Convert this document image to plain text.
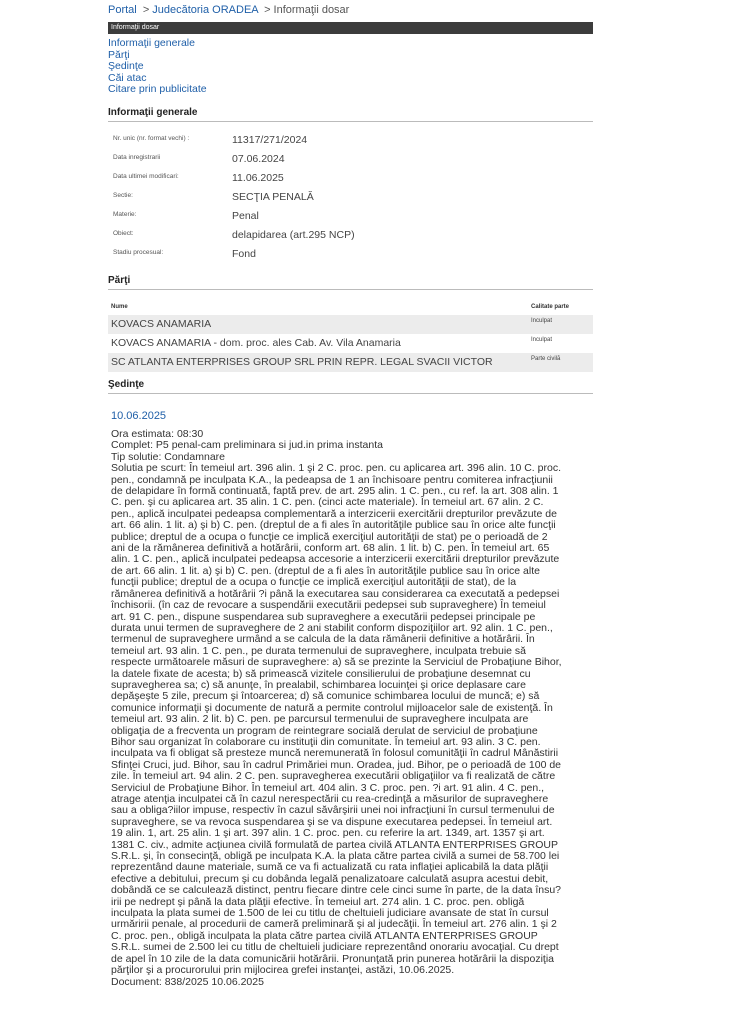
Portal > Judecătoria ORADEA > Informaţii dosar
Informaţii dosar
Informaţii generale
Părţi
Şedinţe
Căi atac
Citare prin publicitate
Informaţii generale
Nr. unic (nr. format vechi) :	11317/271/2024
Data inregistrarii	07.06.2024
Data ultimei modificari:	11.06.2025
Sectie:	SECŢIA PENALĂ
Materie:	Penal
Obiect:	delapidarea (art.295 NCP)
Stadiu procesual:	Fond
Părţi
Nume	Calitate parte
KOVACS ANAMARIA	Inculpat
KOVACS ANAMARIA - dom. proc. ales Cab. Av. Vila Anamaria	Inculpat
SC ATLANTA ENTERPRISES GROUP SRL PRIN REPR. LEGAL SVACII VICTOR	Parte civilă
Şedinţe
10.06.2025
Ora estimata: 08:30
Complet: P5 penal-cam preliminara si jud.in prima instanta
Tip solutie: Condamnare
Solutia pe scurt: În temeiul art. 396 alin. 1 şi 2 C. proc. pen. cu aplicarea art. 396 alin. 10 C. proc.
pen., condamnă pe inculpata K.A., la pedeapsa de 1 an închisoare pentru comiterea infracţiunii
de delapidare în formă continuată, faptă prev. de art. 295 alin. 1 C. pen., cu ref. la art. 308 alin. 1
C. pen. şi cu aplicarea art. 35 alin. 1 C. pen. (cinci acte materiale). În temeiul art. 67 alin. 2 C.
pen., aplică inculpatei pedeapsa complementară a interzicerii exercitării drepturilor prevăzute de
art. 66 alin. 1 lit. a) şi b) C. pen. (dreptul de a fi ales în autorităţile publice sau în orice alte funcţii
publice; dreptul de a ocupa o funcţie ce implică exerciţiul autorităţii de stat) pe o perioadă de 2
ani de la rămânerea definitivă a hotărârii, conform art. 68 alin. 1 lit. b) C. pen. În temeiul art. 65
alin. 1 C. pen., aplică inculpatei pedeapsa accesorie a interzicerii exercitării drepturilor prevăzute
de art. 66 alin. 1 lit. a) şi b) C. pen. (dreptul de a fi ales în autorităţile publice sau în orice alte
funcţii publice; dreptul de a ocupa o funcţie ce implică exerciţiul autorităţii de stat), de la
rămânerea definitivă a hotărârii ?i până la executarea sau considerarea ca executată a pedepsei
închisorii. (în caz de revocare a suspendării executării pedepsei sub supraveghere) În temeiul
art. 91 C. pen., dispune suspendarea sub supraveghere a executării pedepsei principale pe
durata unui termen de supraveghere de 2 ani stabilit conform dispoziţiilor art. 92 alin. 1 C. pen.,
termenul de supraveghere urmând a se calcula de la data rămânerii definitive a hotărârii. În
temeiul art. 93 alin. 1 C. pen., pe durata termenului de supraveghere, inculpata trebuie să
respecte următoarele măsuri de supraveghere: a) să se prezinte la Serviciul de Probaţiune Bihor,
la datele fixate de acesta; b) să primească vizitele consilierului de probaţiune desemnat cu
supravegherea sa; c) să anunţe, în prealabil, schimbarea locuinţei şi orice deplasare care
depăşeşte 5 zile, precum şi întoarcerea; d) să comunice schimbarea locului de muncă; e) să
comunice informaţii şi documente de natură a permite controlul mijloacelor sale de existenţă. În
temeiul art. 93 alin. 2 lit. b) C. pen. pe parcursul termenului de supraveghere inculpata are
obligaţia de a frecventa un program de reintegrare socială derulat de serviciul de probaţiune
Bihor sau organizat în colaborare cu instituţii din comunitate. În temeiul art. 93 alin. 3 C. pen.
inculpata va fi obligat să presteze muncă neremunerată în folosul comunităţii în cadrul Mânăstirii
Sfinţei Cruci, jud. Bihor, sau în cadrul Primăriei mun. Oradea, jud. Bihor, pe o perioadă de 100 de
zile. În temeiul art. 94 alin. 2 C. pen. supravegherea executării obligaţiilor va fi realizată de către
Serviciul de Probaţiune Bihor. În temeiul art. 404 alin. 3 C. proc. pen. ?i art. 91 alin. 4 C. pen.,
atrage atenţia inculpatei că în cazul nerespectării cu rea-credinţă a măsurilor de supraveghere
sau a obliga?iilor impuse, respectiv în cazul săvârşirii unei noi infracţiuni în cursul termenului de
supraveghere, se va revoca suspendarea şi se va dispune executarea pedepsei. În temeiul art.
19 alin. 1, art. 25 alin. 1 şi art. 397 alin. 1 C. proc. pen. cu referire la art. 1349, art. 1357 şi art.
1381 C. civ., admite acţiunea civilă formulată de partea civilă ATLANTA ENTERPRISES GROUP
S.R.L. şi, în consecinţă, obligă pe inculpata K.A. la plata către partea civilă a sumei de 58.700 lei
reprezentând daune materiale, sumă ce va fi actualizată cu rata inflaţiei aplicabilă la data plăţii
efective a debitului, precum şi cu dobânda legală penalizatoare calculată asupra acestui debit,
dobândă ce se calculează distinct, pentru fiecare dintre cele cinci sume în parte, de la data însu?
irii pe nedrept şi până la data plăţii efective. În temeiul art. 274 alin. 1 C. proc. pen. obligă
inculpata la plata sumei de 1.500 de lei cu titlu de cheltuieli judiciare avansate de stat în cursul
urmăririi penale, al procedurii de cameră preliminară şi al judecăţii. În temeiul art. 276 alin. 1 şi 2
C. proc. pen., obligă inculpata la plata către partea civilă ATLANTA ENTERPRISES GROUP
S.R.L. sumei de 2.500 lei cu titlu de cheltuieli judiciare reprezentând onorariu avocaţial. Cu drept
de apel în 10 zile de la data comunicării hotărârii. Pronunţată prin punerea hotărârii la dispoziţia
părţilor şi a procurorului prin mijlocirea grefei instanţei, astăzi, 10.06.2025.
Document: 838/2025 10.06.2025
